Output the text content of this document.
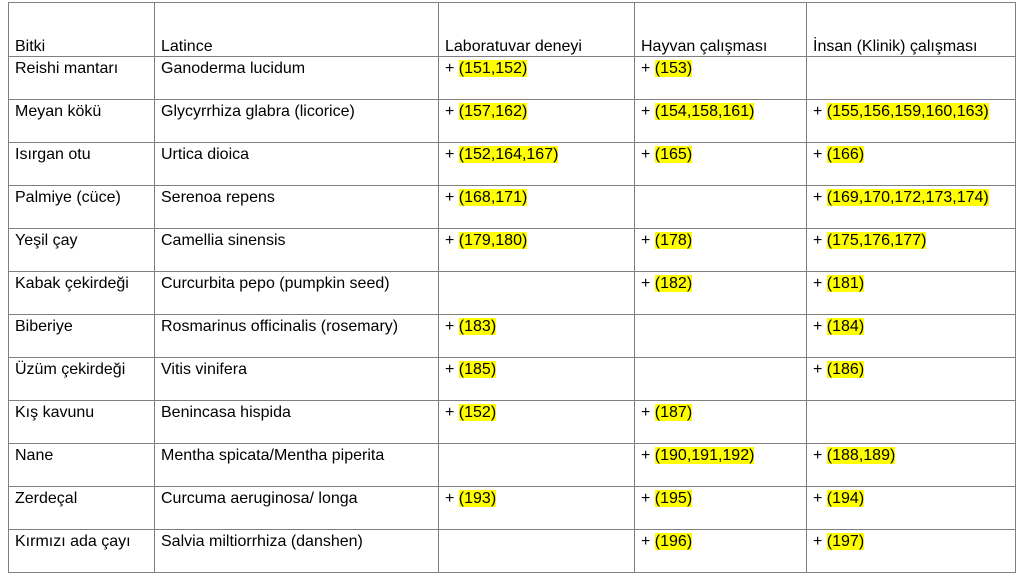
Bitki	Latince	Laboratuvar deneyi	Hayvan çalışması	İnsan (Klinik) çalışması
Reishi mantarı	Ganoderma lucidum	+ (151,152)	+ (153)	
Meyan kökü	Glycyrrhiza glabra (licorice)	+ (157,162)	+ (154,158,161)	+ (155,156,159,160,163)
Isırgan otu	Urtica dioica	+ (152,164,167)	+ (165)	+ (166)
Palmiye (cüce)	Serenoa repens	+ (168,171)		+ (169,170,172,173,174)
Yeşil çay	Camellia sinensis	+ (179,180)	+ (178)	+ (175,176,177)
Kabak çekirdeği	Curcurbita pepo (pumpkin seed)		+ (182)	+ (181)
Biberiye	Rosmarinus officinalis (rosemary)	+ (183)		+ (184)
Üzüm çekirdeği	Vitis vinifera	+ (185)		+ (186)
Kış kavunu	Benincasa hispida	+ (152)	+ (187)	
Nane	Mentha spicata/Mentha piperita		+ (190,191,192)	+ (188,189)
Zerdeçal	Curcuma aeruginosa/ longa	+ (193)	+ (195)	+ (194)
Kırmızı ada çayı	Salvia miltiorrhiza (danshen)		+ (196)	+ (197)
